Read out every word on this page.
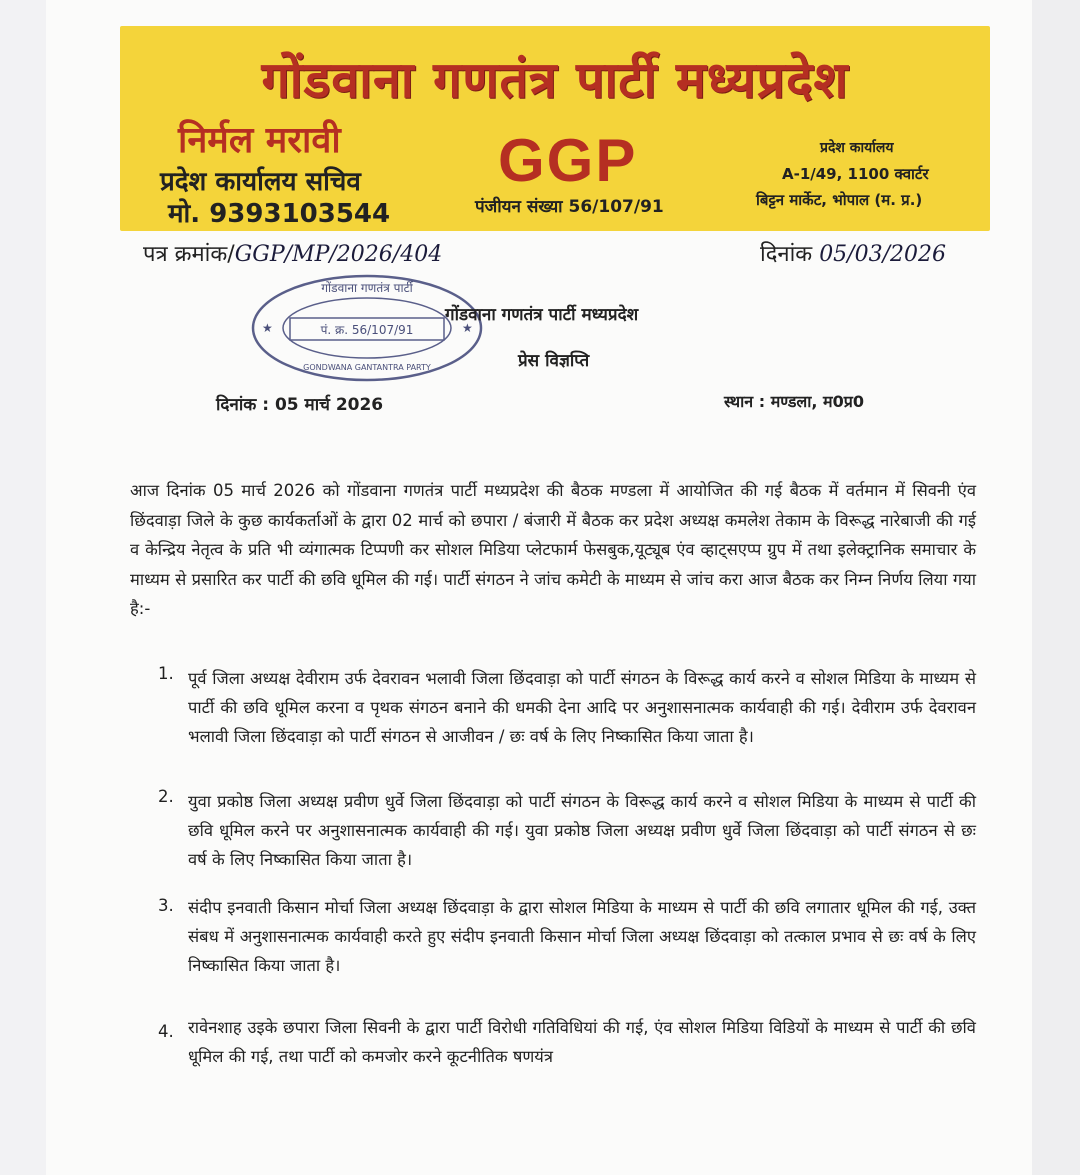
गोंडवाना गणतंत्र पार्टी मध्यप्रदेश
निर्मल मरावी
प्रदेश कार्यालय सचिव
मो. 9393103544
GGP
पंजीयन संख्या 56/107/91
प्रदेश कार्यालय
A-1/49, 1100 क्वार्टर
बिट्टन मार्केट, भोपाल (म. प्र.)
पत्र क्रमांक/GGP/MP/2026/404	दिनांक 05/03/2026
पं. क्र. 56/107/91
गोंडवाना गणतंत्र पार्टी
GONDWANA GANTANTRA PARTY
★	★
गोंडवाना गणतंत्र पार्टी मध्यप्रदेश
प्रेस विज्ञप्ति
दिनांक : 05 मार्च 2026	स्थान : मण्डला, म0प्र0
आज दिनांक 05 मार्च 2026 को गोंडवाना गणतंत्र पार्टी मध्यप्रदेश की बैठक मण्डला में आयोजित की गई बैठक में वर्तमान में सिवनी एंव छिंदवाड़ा जिले के कुछ कार्यकर्ताओं के द्वारा 02 मार्च को छपारा / बंजारी में बैठक कर प्रदेश अध्यक्ष कमलेश तेकाम के विरूद्ध नारेबाजी की गई व केन्द्रिय नेतृत्व के प्रति भी व्यंगात्मक टिप्पणी कर सोशल मिडिया प्लेटफार्म फेसबुक,यूट्यूब एंव व्हाट्सएप्प ग्रुप में तथा इलेक्ट्रानिक समाचार के माध्यम से प्रसारित कर पार्टी की छवि धूमिल की गई। पार्टी संगठन ने जांच कमेटी के माध्यम से जांच करा आज बैठक कर निम्न निर्णय लिया गया है:-
1. पूर्व जिला अध्यक्ष देवीराम उर्फ देवरावन भलावी जिला छिंदवाड़ा को पार्टी संगठन के विरूद्ध कार्य करने व सोशल मिडिया के माध्यम से पार्टी की छवि धूमिल करना व पृथक संगठन बनाने की धमकी देना आदि पर अनुशासनात्मक कार्यवाही की गई। देवीराम उर्फ देवरावन भलावी जिला छिंदवाड़ा को पार्टी संगठन से आजीवन / छः वर्ष के लिए निष्कासित किया जाता है।
2. युवा प्रकोष्ठ जिला अध्यक्ष प्रवीण धुर्वे जिला छिंदवाड़ा को पार्टी संगठन के विरूद्ध कार्य करने व सोशल मिडिया के माध्यम से पार्टी की छवि धूमिल करने पर अनुशासनात्मक कार्यवाही की गई। युवा प्रकोष्ठ जिला अध्यक्ष प्रवीण धुर्वे जिला छिंदवाड़ा को पार्टी संगठन से छः वर्ष के लिए निष्कासित किया जाता है।
3. संदीप इनवाती किसान मोर्चा जिला अध्यक्ष छिंदवाड़ा के द्वारा सोशल मिडिया के माध्यम से पार्टी की छवि लगातार धूमिल की गई, उक्त संबध में अनुशासनात्मक कार्यवाही करते हुए संदीप इनवाती किसान मोर्चा जिला अध्यक्ष छिंदवाड़ा को तत्काल प्रभाव से छः वर्ष के लिए निष्कासित किया जाता है।
4. रावेनशाह उइके छपारा जिला सिवनी के द्वारा पार्टी विरोधी गतिविधियां की गई, एंव सोशल मिडिया विडियों के माध्यम से पार्टी की छवि धूमिल की गई, तथा पार्टी को कमजोर करने कूटनीतिक षणयंत्र
